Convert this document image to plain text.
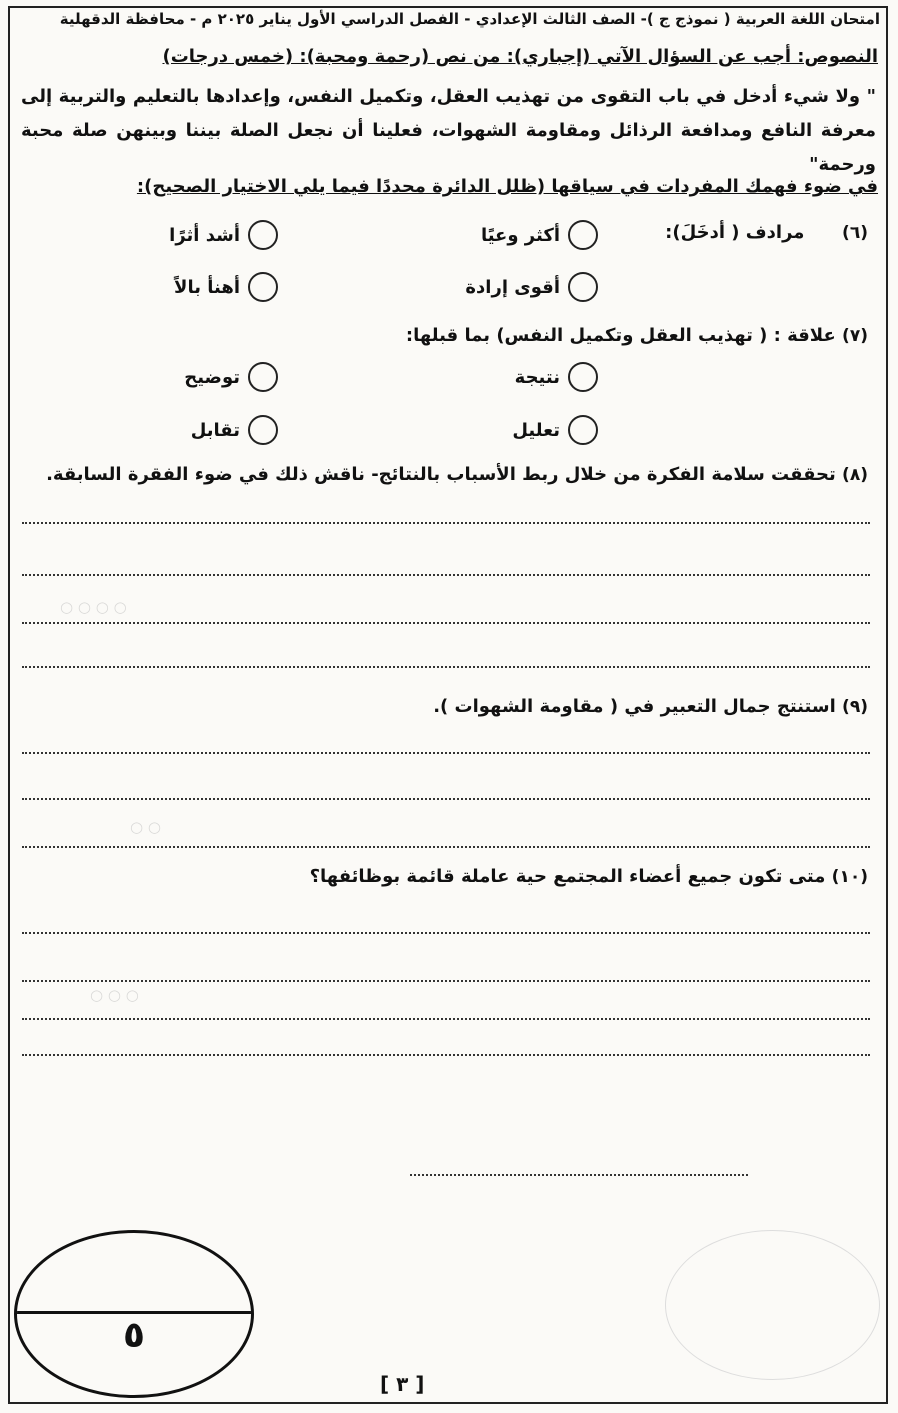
○ ○ ○ ○
○ ○
○ ○ ○
امتحان اللغة العربية ( نموذج ج )- الصف الثالث الإعدادي - الفصل الدراسي الأول يناير ٢٠٢٥ م - محافظة الدقهلية
النصوص: أجب عن السؤال الآتي (إجباري): من نص (رحمة ومحبة): (خمس درجات)
" ولا شيء أدخل في باب التقوى من تهذيب العقل، وتكميل النفس، وإعدادها بالتعليم والتربية إلى معرفة النافع ومدافعة الرذائل ومقاومة الشهوات، فعلينا أن نجعل الصلة بيننا وبينهن صلة محبة ورحمة"
في ضوء فهمك المفردات في سياقها (ظلل الدائرة محددًا فيما يلي الاختيار الصحيح):
(٦)      مرادف ( أدخَلَ):
أكثر وعيًا
أشد أثرًا
أقوى إرادة
أهنأ بالاً
(٧) علاقة : ( تهذيب العقل وتكميل النفس) بما قبلها:
نتيجة
توضيح
تعليل
تقابل
(٨) تحققت سلامة الفكرة من خلال ربط الأسباب بالنتائج- ناقش ذلك في ضوء الفقرة السابقة.
(٩) استنتج جمال التعبير في ( مقاومة الشهوات ).
(١٠) متى تكون جميع أعضاء المجتمع حية عاملة قائمة بوظائفها؟
٥
[ ٣ ]
